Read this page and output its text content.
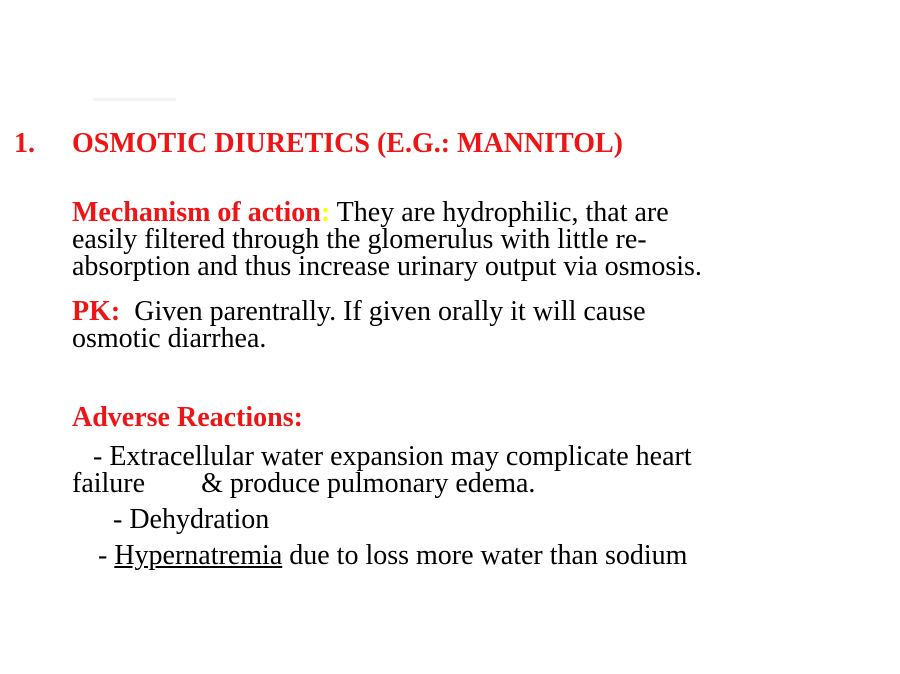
1. OSMOTIC DIURETICS (E.G.: MANNITOL)
Mechanism of action: They are hydrophilic, that are
easily filtered through the glomerulus with little re-
absorption and thus increase urinary output via osmosis.
PK:  Given parentrally. If given orally it will cause
osmotic diarrhea.
Adverse Reactions:
- Extracellular water expansion may complicate heart
failure        & produce pulmonary edema.
- Dehydration
- Hypernatremia due to loss more water than sodium
